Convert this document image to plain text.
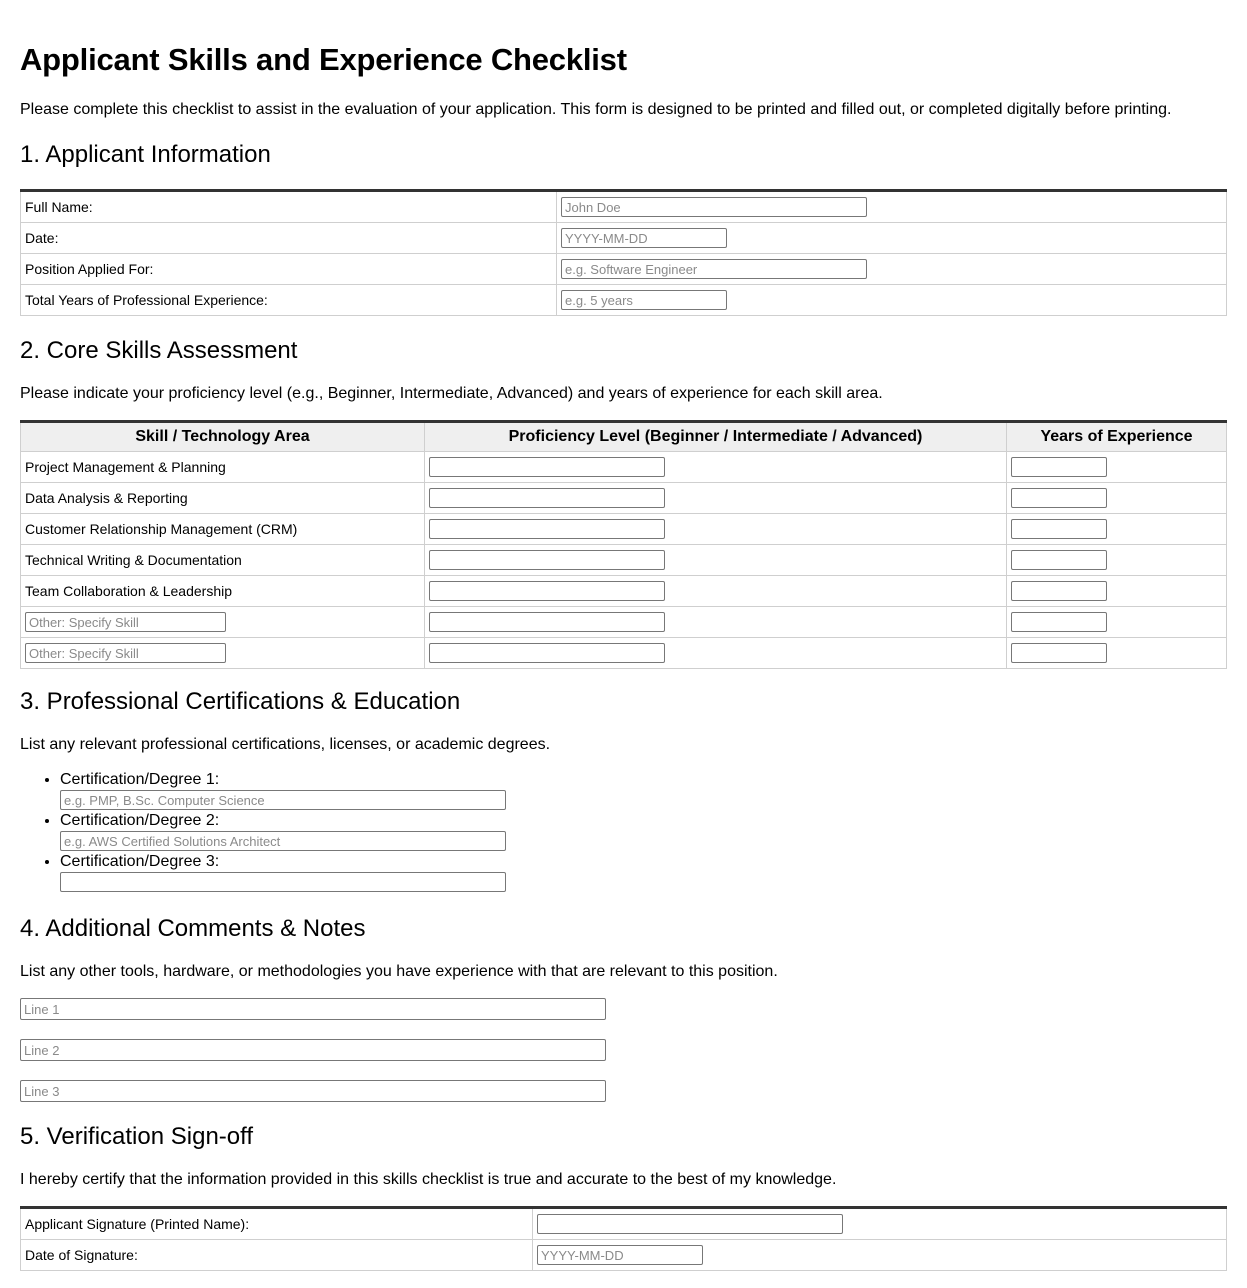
Applicant Skills and Experience Checklist

Please complete this checklist to assist in the evaluation of your application. This form is designed to be printed and filled out, or completed digitally before printing.

1. Applicant Information
Full Name:	John Doe
Date:	YYYY-MM-DD
Position Applied For:	e.g. Software Engineer
Total Years of Professional Experience:	e.g. 5 years
2. Core Skills Assessment

Please indicate your proficiency level (e.g., Beginner, Intermediate, Advanced) and years of experience for each skill area.

Skill / Technology Area	Proficiency Level (Beginner / Intermediate / Advanced)	Years of Experience
Project Management & Planning		
Data Analysis & Reporting		
Customer Relationship Management (CRM)		
Technical Writing & Documentation		
Team Collaboration & Leadership		
Other: Specify Skill		
Other: Specify Skill		
3. Professional Certifications & Education

List any relevant professional certifications, licenses, or academic degrees.

• Certification/Degree 1:
e.g. PMP, B.Sc. Computer Science
• Certification/Degree 2:
e.g. AWS Certified Solutions Architect
• Certification/Degree 3:
4. Additional Comments & Notes

List any other tools, hardware, or methodologies you have experience with that are relevant to this position.

Line 1
Line 2
Line 3
5. Verification Sign-off

I hereby certify that the information provided in this skills checklist is true and accurate to the best of my knowledge.

Applicant Signature (Printed Name):	
Date of Signature:	YYYY-MM-DD
